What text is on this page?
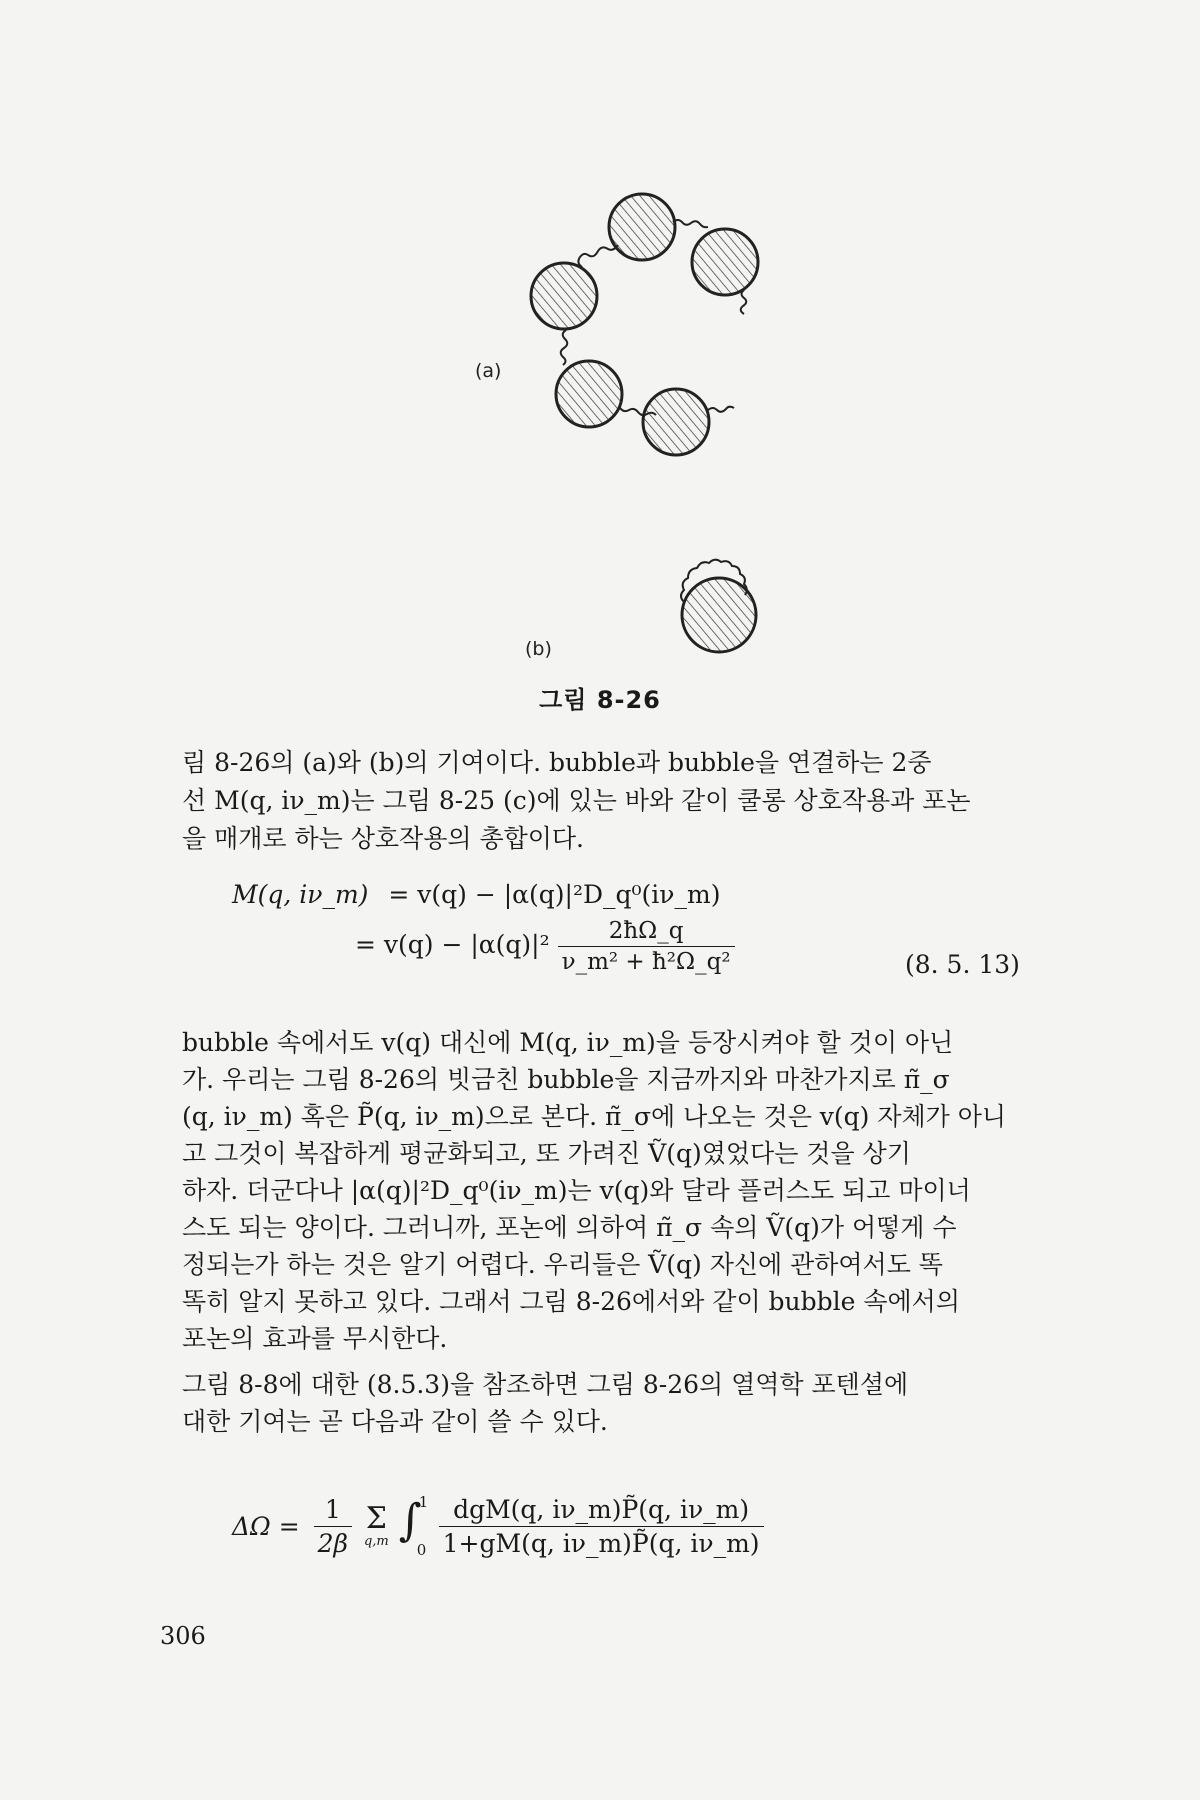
(a)
(b)
그림 8-26
림 8-26의 (a)와 (b)의 기여이다. bubble과 bubble을 연결하는 2중
선 M(q, iν_m)는 그림 8-25 (c)에 있는 바와 같이 쿨롱 상호작용과 포논
을 매개로 하는 상호작용의 총합이다.
M(q, iν_m) = v(q) − |α(q)|²D_q⁰(iν_m)
= $v(q) - |\alpha(q)|^2 \frac{2ħ\Omega\_q}{\text{ν\_m² + ħ²Ω\_q²}}$	(8. 5. 13)
bubble 속에서도 v(q) 대신에 M(q, iν_m)을 등장시켜야 할 것이 아닌
가. 우리는 그림 8-26의 빗금친 bubble을 지금까지와 마찬가지로 π̃_σ
(q, iν_m) 혹은 P̃(q, iν_m)으로 본다. π̃_σ에 나오는 것은 v(q) 자체가 아니
고 그것이 복잡하게 평균화되고, 또 가려진 Ṽ(q)였었다는 것을 상기
하자. 더군다나 |α(q)|²D_q⁰(iν_m)는 v(q)와 달라 플러스도 되고 마이너
스도 되는 양이다. 그러니까, 포논에 의하여 π̃_σ 속의 Ṽ(q)가 어떻게 수
정되는가 하는 것은 알기 어렵다. 우리들은 Ṽ(q) 자신에 관하여서도 똑
똑히 알지 못하고 있다. 그래서 그림 8-26에서와 같이 bubble 속에서의
포논의 효과를 무시한다.
그림 8-8에 대한 (8.5.3)을 참조하면 그림 8-26의 열역학 포텐셜에
대한 기여는 곧 다음과 같이 쓸 수 있다.
$\Delta\Omega = \frac{1}{2\beta}$
Σ
q,m
∫
1
0
$\frac{\text{dgM(q, iν\_m)P̃(q, iν\_m)}}{1+gM(q, i\nu\_m)P̃(q, i\nu\_m)}$
306
